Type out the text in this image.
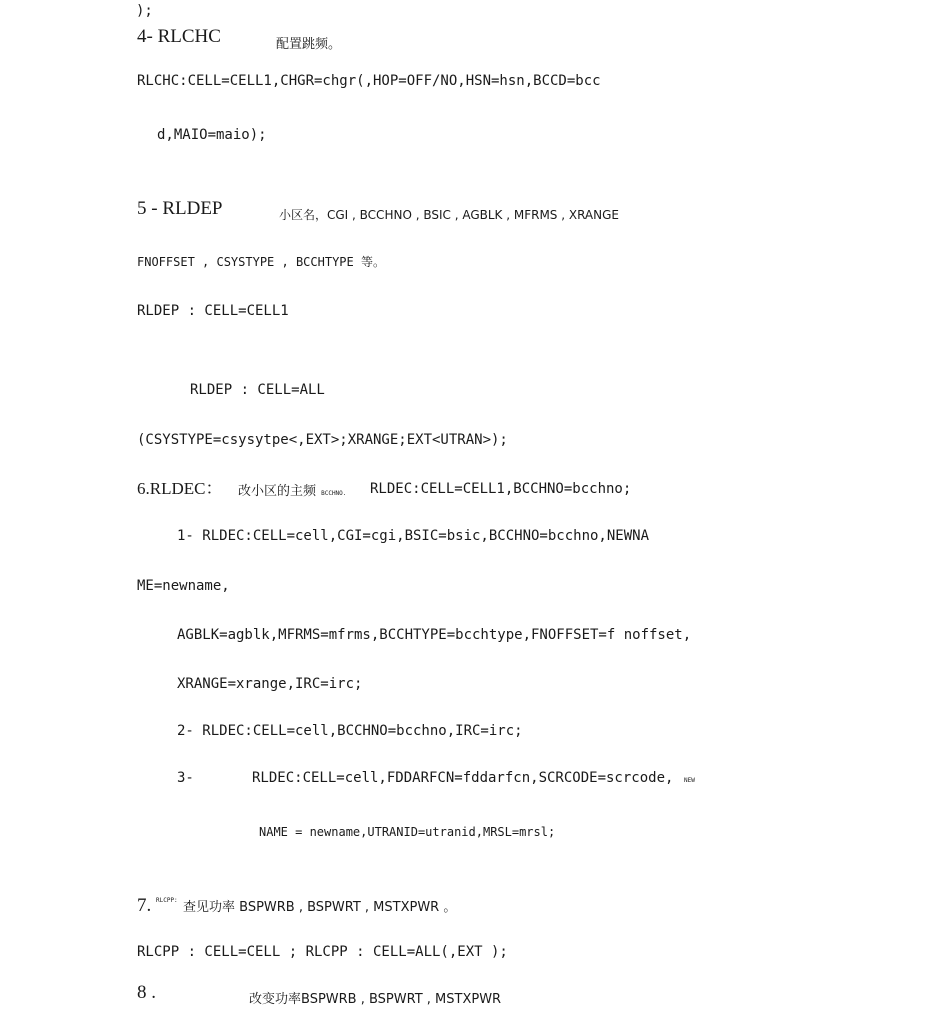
);
4- RLCHC	配置跳频。
RLCHC:CELL=CELL1,CHGR=chgr(,HOP=OFF/NO,HSN=hsn,BCCD=bcc
d,MAIO=maio);
5 - RLDEP	小区名，CGI , BCCHNO , BSIC , AGBLK , MFRMS , XRANGE
FNOFFSET , CSYSTYPE , BCCHTYPE 等。
RLDEP : CELL=CELL1
RLDEP : CELL=ALL
(CSYSTYPE=csysytpe<,EXT>;XRANGE;EXT<UTRAN>);
6.RLDEC： 改小区的主频 BCCHNO. RLDEC:CELL=CELL1,BCCHNO=bcchno;
1- RLDEC:CELL=cell,CGI=cgi,BSIC=bsic,BCCHNO=bcchno,NEWNA
ME=newname,
AGBLK=agblk,MFRMS=mfrms,BCCHTYPE=bcchtype,FNOFFSET=f noffset,
XRANGE=xrange,IRC=irc;
2- RLDEC:CELL=cell,BCCHNO=bcchno,IRC=irc;
3-	RLDEC:CELL=cell,FDDARFCN=fddarfcn,SCRCODE=scrcode, NEW
NAME = newname,UTRANID=utranid,MRSL=mrsl;
7. RLCPP: 查见功率 BSPWRB , BSPWRT , MSTXPWR 。
RLCPP : CELL=CELL ; RLCPP : CELL=ALL(,EXT );
8 .	改变功率BSPWRB , BSPWRT , MSTXPWR
